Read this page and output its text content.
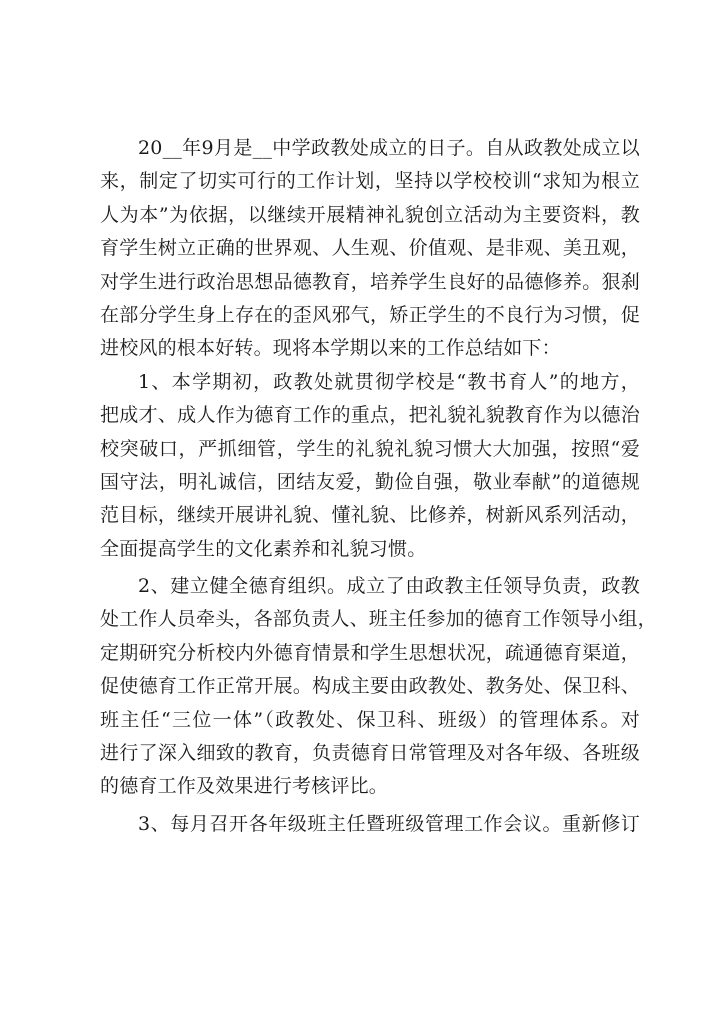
20__年9月是__中学政教处成立的日子。自从政教处成立以
来，制定了切实可行的工作计划，坚持以学校校训“求知为根立
人为本”为依据，以继续开展精神礼貌创立活动为主要资料，教
育学生树立正确的世界观、人生观、价值观、是非观、美丑观，
对学生进行政治思想品德教育，培养学生良好的品德修养。狠刹
在部分学生身上存在的歪风邪气，矫正学生的不良行为习惯，促
进校风的根本好转。现将本学期以来的工作总结如下：
1、本学期初，政教处就贯彻学校是“教书育人”的地方，
把成才、成人作为德育工作的重点，把礼貌礼貌教育作为以德治
校突破口，严抓细管，学生的礼貌礼貌习惯大大加强，按照“爱
国守法，明礼诚信，团结友爱，勤俭自强，敬业奉献”的道德规
范目标，继续开展讲礼貌、懂礼貌、比修养，树新风系列活动，
全面提高学生的文化素养和礼貌习惯。
2、建立健全德育组织。成立了由政教主任领导负责，政教
处工作人员牵头，各部负责人、班主任参加的德育工作领导小组，
定期研究分析校内外德育情景和学生思想状况，疏通德育渠道，
促使德育工作正常开展。构成主要由政教处、教务处、保卫科、
班主任“三位一体”（政教处、保卫科、班级）的管理体系。对
进行了深入细致的教育，负责德育日常管理及对各年级、各班级
的德育工作及效果进行考核评比。
3、每月召开各年级班主任暨班级管理工作会议。重新修订
